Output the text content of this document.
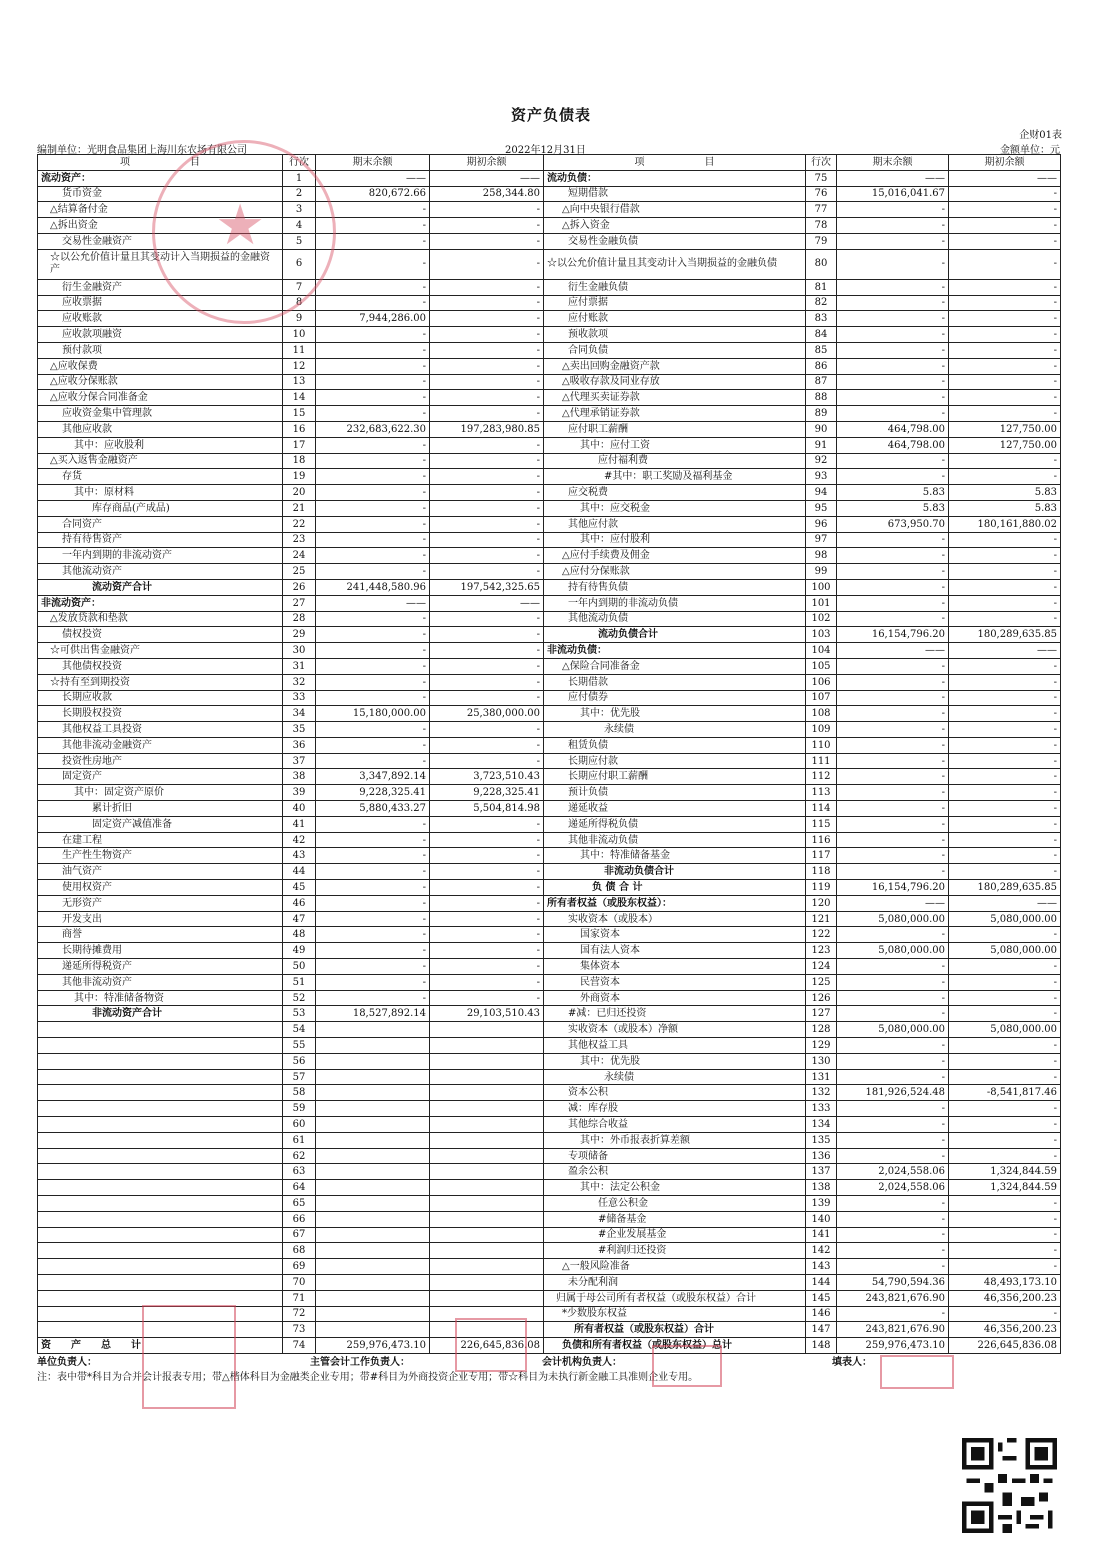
资产负债表
企财01表
编制单位：光明食品集团上海川东农场有限公司	2022年12月31日	金额单位：元
项　　　　　　目	行次	期末余额	期初余额	项　　　　　　目	行次	期末余额	期初余额
流动资产：	1	——	——	流动负债：	75	——	——
货币资金	2	820,672.66	258,344.80	短期借款	76	15,016,041.67	-
△结算备付金	3	-	-	△向中央银行借款	77	-	-
△拆出资金	4	-	-	△拆入资金	78	-	-
交易性金融资产	5	-	-	交易性金融负债	79	-	-
☆以公允价值计量且其变动计入当期损益的金融资产	6	-	-	☆以公允价值计量且其变动计入当期损益的金融负债	80	-	-
衍生金融资产	7	-	-	衍生金融负债	81	-	-
应收票据	8	-	-	应付票据	82	-	-
应收账款	9	7,944,286.00	-	应付账款	83	-	-
应收款项融资	10	-	-	预收款项	84	-	-
预付款项	11	-	-	合同负债	85	-	-
△应收保费	12	-	-	△卖出回购金融资产款	86	-	-
△应收分保账款	13	-	-	△吸收存款及同业存放	87	-	-
△应收分保合同准备金	14	-	-	△代理买卖证券款	88	-	-
应收资金集中管理款	15	-	-	△代理承销证券款	89	-	-
其他应收款	16	232,683,622.30	197,283,980.85	应付职工薪酬	90	464,798.00	127,750.00
其中：应收股利	17	-	-	其中：应付工资	91	464,798.00	127,750.00
△买入返售金融资产	18	-	-	应付福利费	92	-	-
存货	19	-	-	#其中：职工奖励及福利基金	93	-	-
其中：原材料	20	-	-	应交税费	94	5.83	5.83
库存商品(产成品)	21	-	-	其中：应交税金	95	5.83	5.83
合同资产	22	-	-	其他应付款	96	673,950.70	180,161,880.02
持有待售资产	23	-	-	其中：应付股利	97	-	-
一年内到期的非流动资产	24	-	-	△应付手续费及佣金	98	-	-
其他流动资产	25	-	-	△应付分保账款	99	-	-
流动资产合计	26	241,448,580.96	197,542,325.65	持有待售负债	100	-	-
非流动资产：	27	——	——	一年内到期的非流动负债	101	-	-
△发放贷款和垫款	28	-	-	其他流动负债	102	-	-
债权投资	29	-	-	流动负债合计	103	16,154,796.20	180,289,635.85
☆可供出售金融资产	30	-	-	非流动负债：	104	——	——
其他债权投资	31	-	-	△保险合同准备金	105	-	-
☆持有至到期投资	32	-	-	长期借款	106	-	-
长期应收款	33	-	-	应付债券	107	-	-
长期股权投资	34	15,180,000.00	25,380,000.00	其中：优先股	108	-	-
其他权益工具投资	35	-	-	永续债	109	-	-
其他非流动金融资产	36	-	-	租赁负债	110	-	-
投资性房地产	37	-	-	长期应付款	111	-	-
固定资产	38	3,347,892.14	3,723,510.43	长期应付职工薪酬	112	-	-
其中：固定资产原价	39	9,228,325.41	9,228,325.41	预计负债	113	-	-
累计折旧	40	5,880,433.27	5,504,814.98	递延收益	114	-	-
固定资产减值准备	41	-	-	递延所得税负债	115	-	-
在建工程	42	-	-	其他非流动负债	116	-	-
生产性生物资产	43	-	-	其中：特准储备基金	117	-	-
油气资产	44	-	-	非流动负债合计	118	-	-
使用权资产	45	-	-	负 债 合 计	119	16,154,796.20	180,289,635.85
无形资产	46	-	-	所有者权益（或股东权益）：	120	——	——
开发支出	47	-	-	实收资本（或股本）	121	5,080,000.00	5,080,000.00
商誉	48	-	-	国家资本	122	-	-
长期待摊费用	49	-	-	国有法人资本	123	5,080,000.00	5,080,000.00
递延所得税资产	50	-	-	集体资本	124	-	-
其他非流动资产	51	-	-	民营资本	125	-	-
其中：特准储备物资	52	-	-	外商资本	126	-	-
非流动资产合计	53	18,527,892.14	29,103,510.43	#减：已归还投资	127	-	-
	54			实收资本（或股本）净额	128	5,080,000.00	5,080,000.00
	55			其他权益工具	129	-	-
	56			其中：优先股	130	-	-
	57			永续债	131	-	-
	58			资本公积	132	181,926,524.48	-8,541,817.46
	59			减：库存股	133	-	-
	60			其他综合收益	134	-	-
	61			其中：外币报表折算差额	135	-	-
	62			专项储备	136	-	-
	63			盈余公积	137	2,024,558.06	1,324,844.59
	64			其中：法定公积金	138	2,024,558.06	1,324,844.59
	65			任意公积金	139	-	-
	66			#储备基金	140	-	-
	67			#企业发展基金	141	-	-
	68			#利润归还投资	142	-	-
	69			△一般风险准备	143	-	-
	70			未分配利润	144	54,790,594.36	48,493,173.10
	71			归属于母公司所有者权益（或股东权益）合计	145	243,821,676.90	46,356,200.23
	72			*少数股东权益	146	-	-
	73			所有者权益（或股东权益）合计	147	243,821,676.90	46,356,200.23
资　　产　　总　　计	74	259,976,473.10	226,645,836.08	负债和所有者权益（或股东权益）总计	148	259,976,473.10	226,645,836.08
单位负责人：	主管会计工作负责人：	会计机构负责人：	填表人：
注：表中带*科目为合并会计报表专用；带△楷体科目为金融类企业专用；带#科目为外商投资企业专用；带☆科目为未执行新金融工具准则企业专用。
★
